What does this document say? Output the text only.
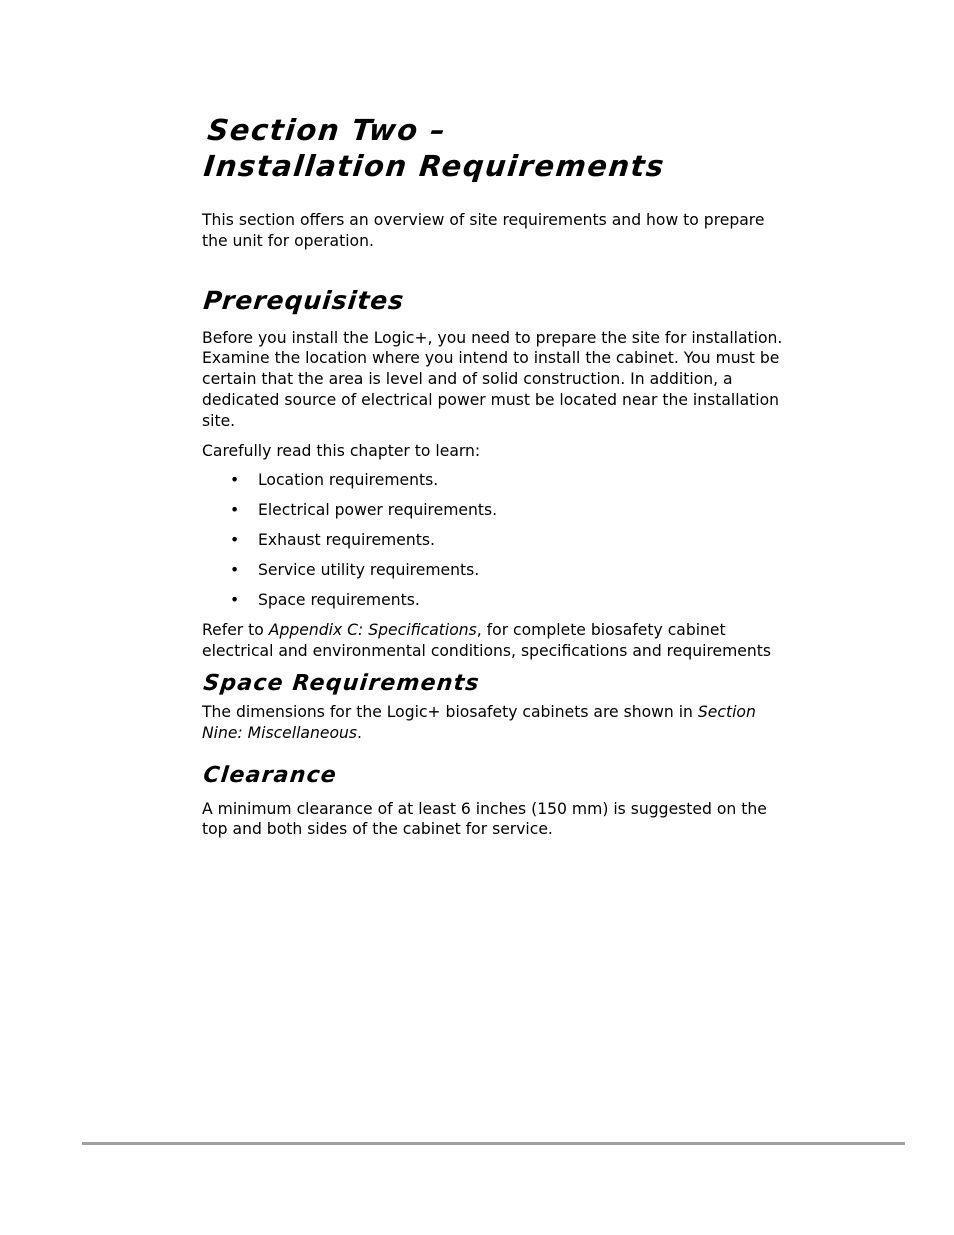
Section Two –
Installation Requirements

This section offers an overview of site requirements and how to prepare the unit for operation.

Prerequisites

Before you install the Logic+, you need to prepare the site for installation. Examine the location where you intend to install the cabinet. You must be certain that the area is level and of solid construction. In addition, a dedicated source of electrical power must be located near the installation site.

Carefully read this chapter to learn:

• Location requirements.
• Electrical power requirements.
• Exhaust requirements.
• Service utility requirements.
• Space requirements.

Refer to Appendix C: Specifications, for complete biosafety cabinet electrical and environmental conditions, specifications and requirements

Space Requirements

The dimensions for the Logic+ biosafety cabinets are shown in Section Nine: Miscellaneous.

Clearance

A minimum clearance of at least 6 inches (150 mm) is suggested on the top and both sides of the cabinet for service.
